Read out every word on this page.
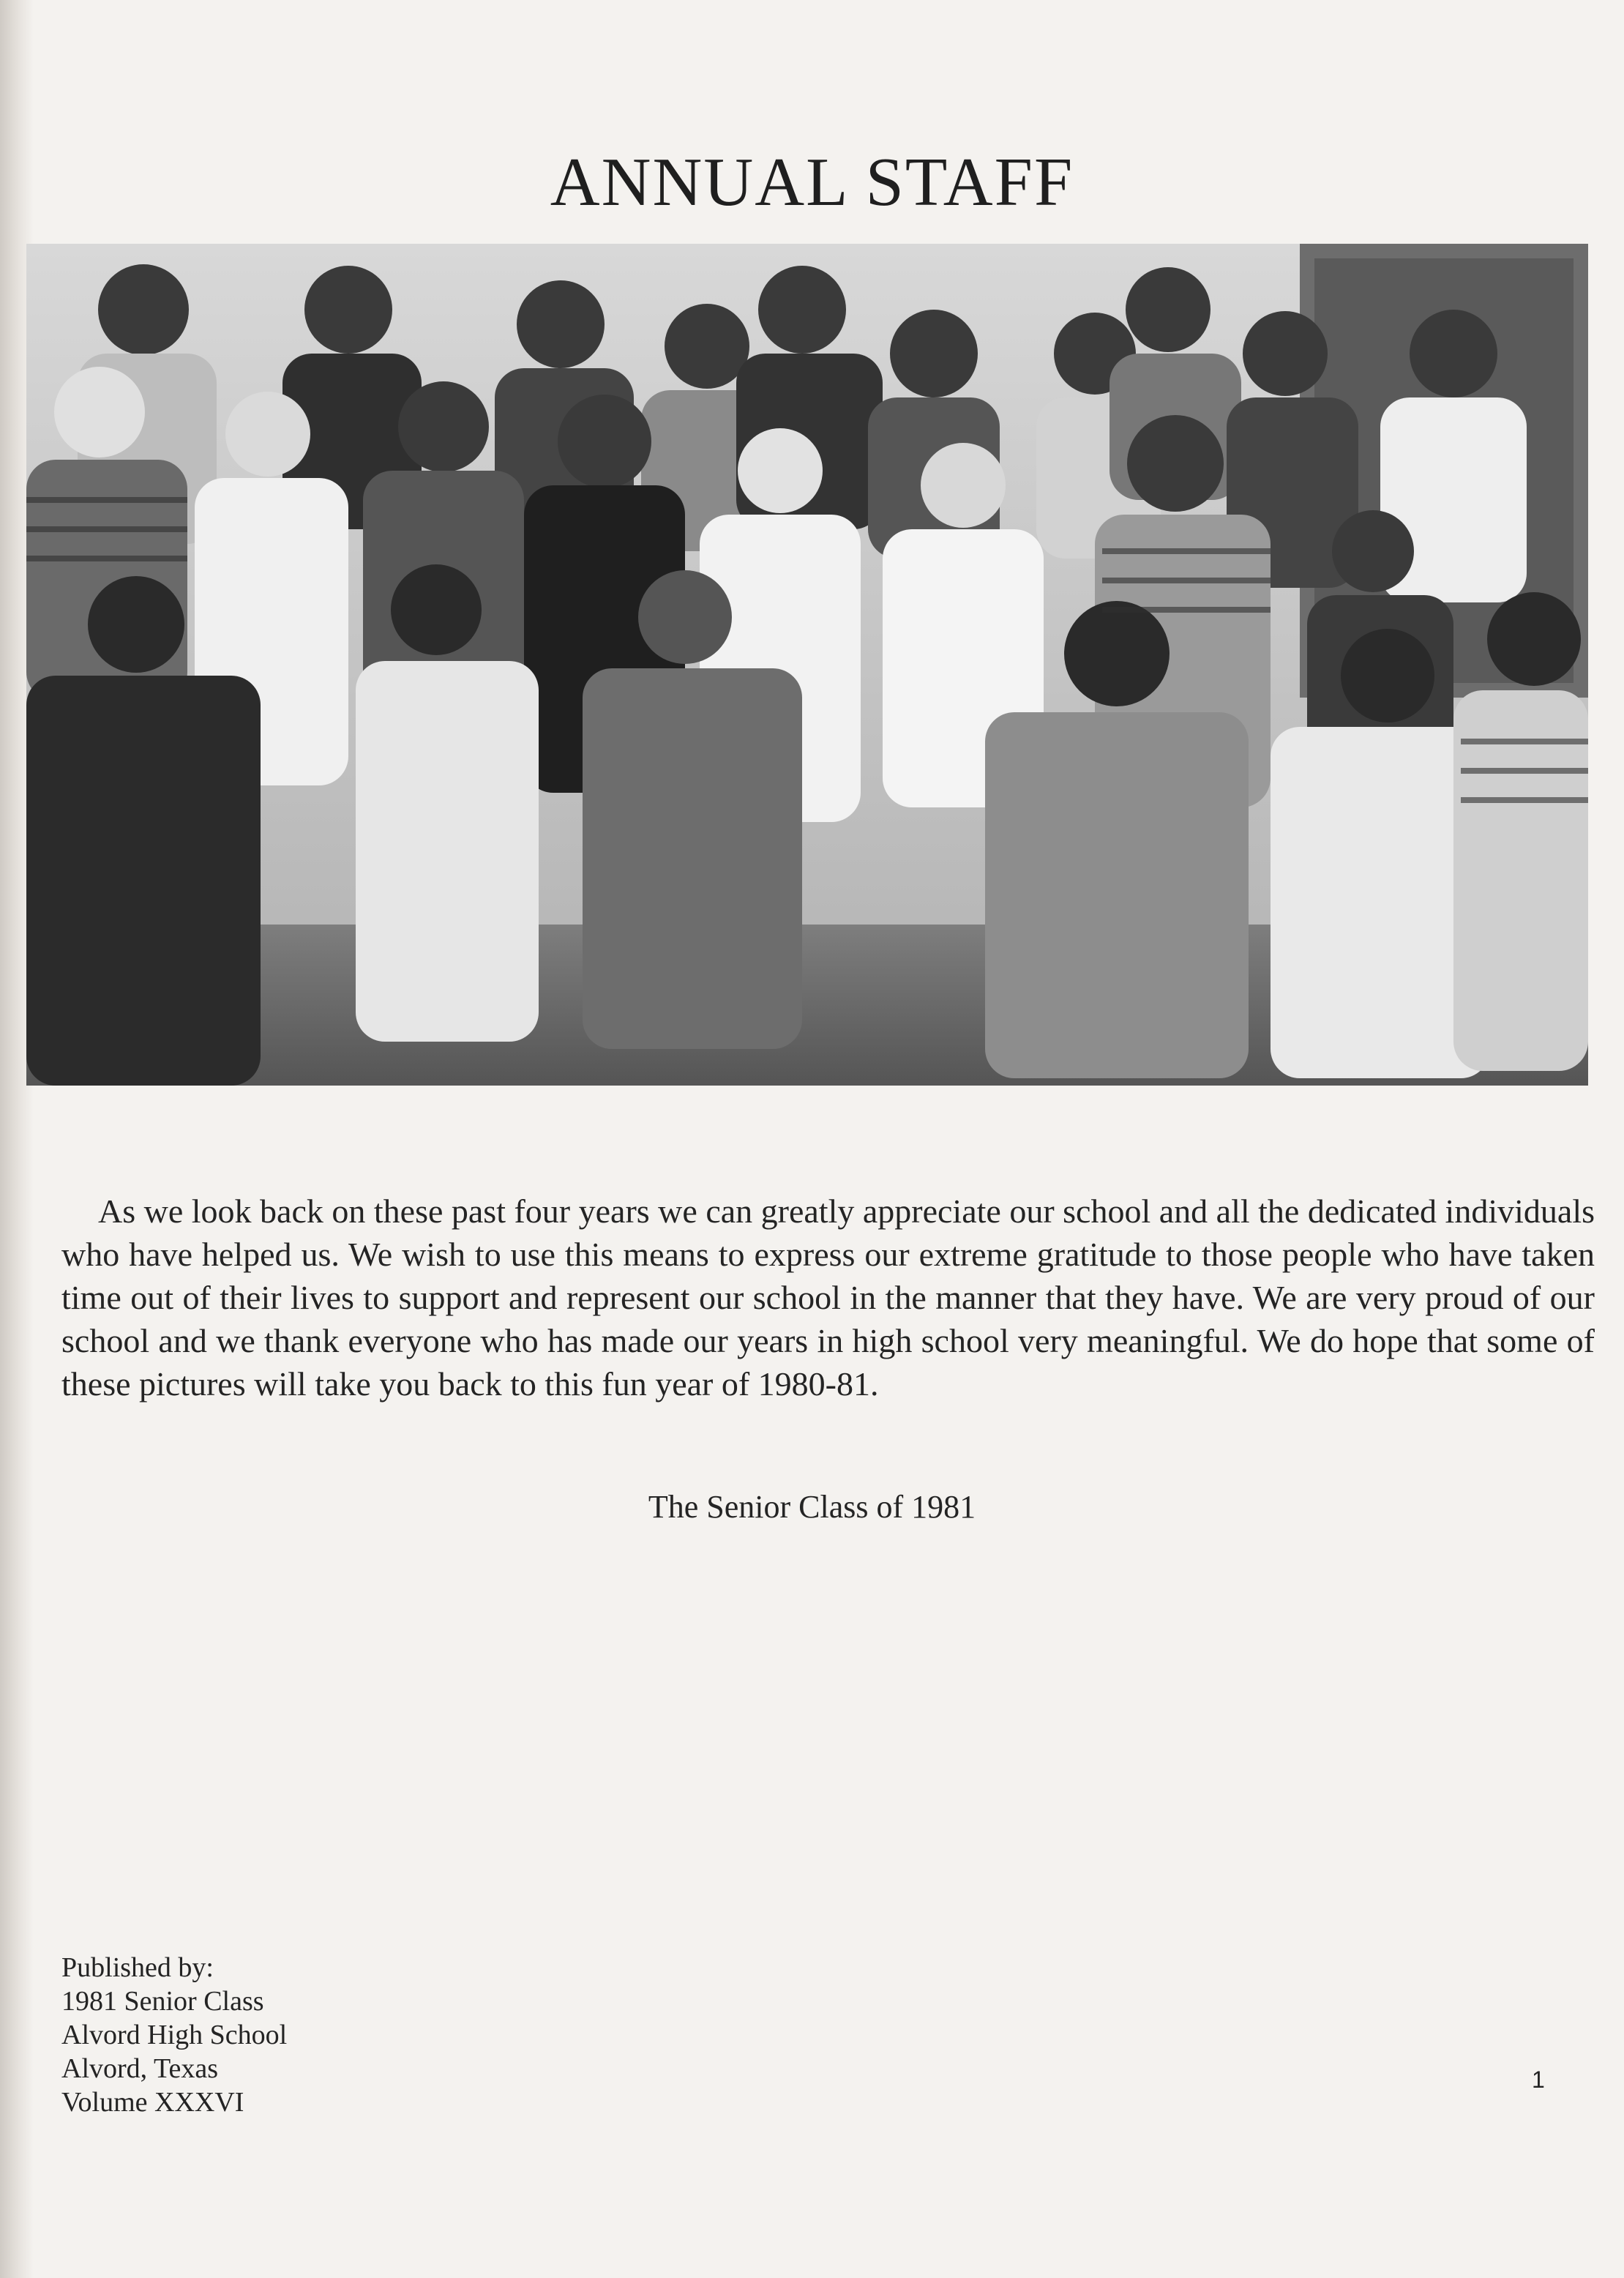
ANNUAL STAFF

As we look back on these past four years we can greatly appreciate our school and all the dedicated individuals who have helped us. We wish to use this means to express our extreme gratitude to those people who have taken time out of their lives to support and represent our school in the manner that they have. We are very proud of our school and we thank everyone who has made our years in high school very meaningful. We do hope that some of these pictures will take you back to this fun year of 1980-81.

The Senior Class of 1981
Published by:
1981 Senior Class
Alvord High School
Alvord, Texas
Volume XXXVI
1
